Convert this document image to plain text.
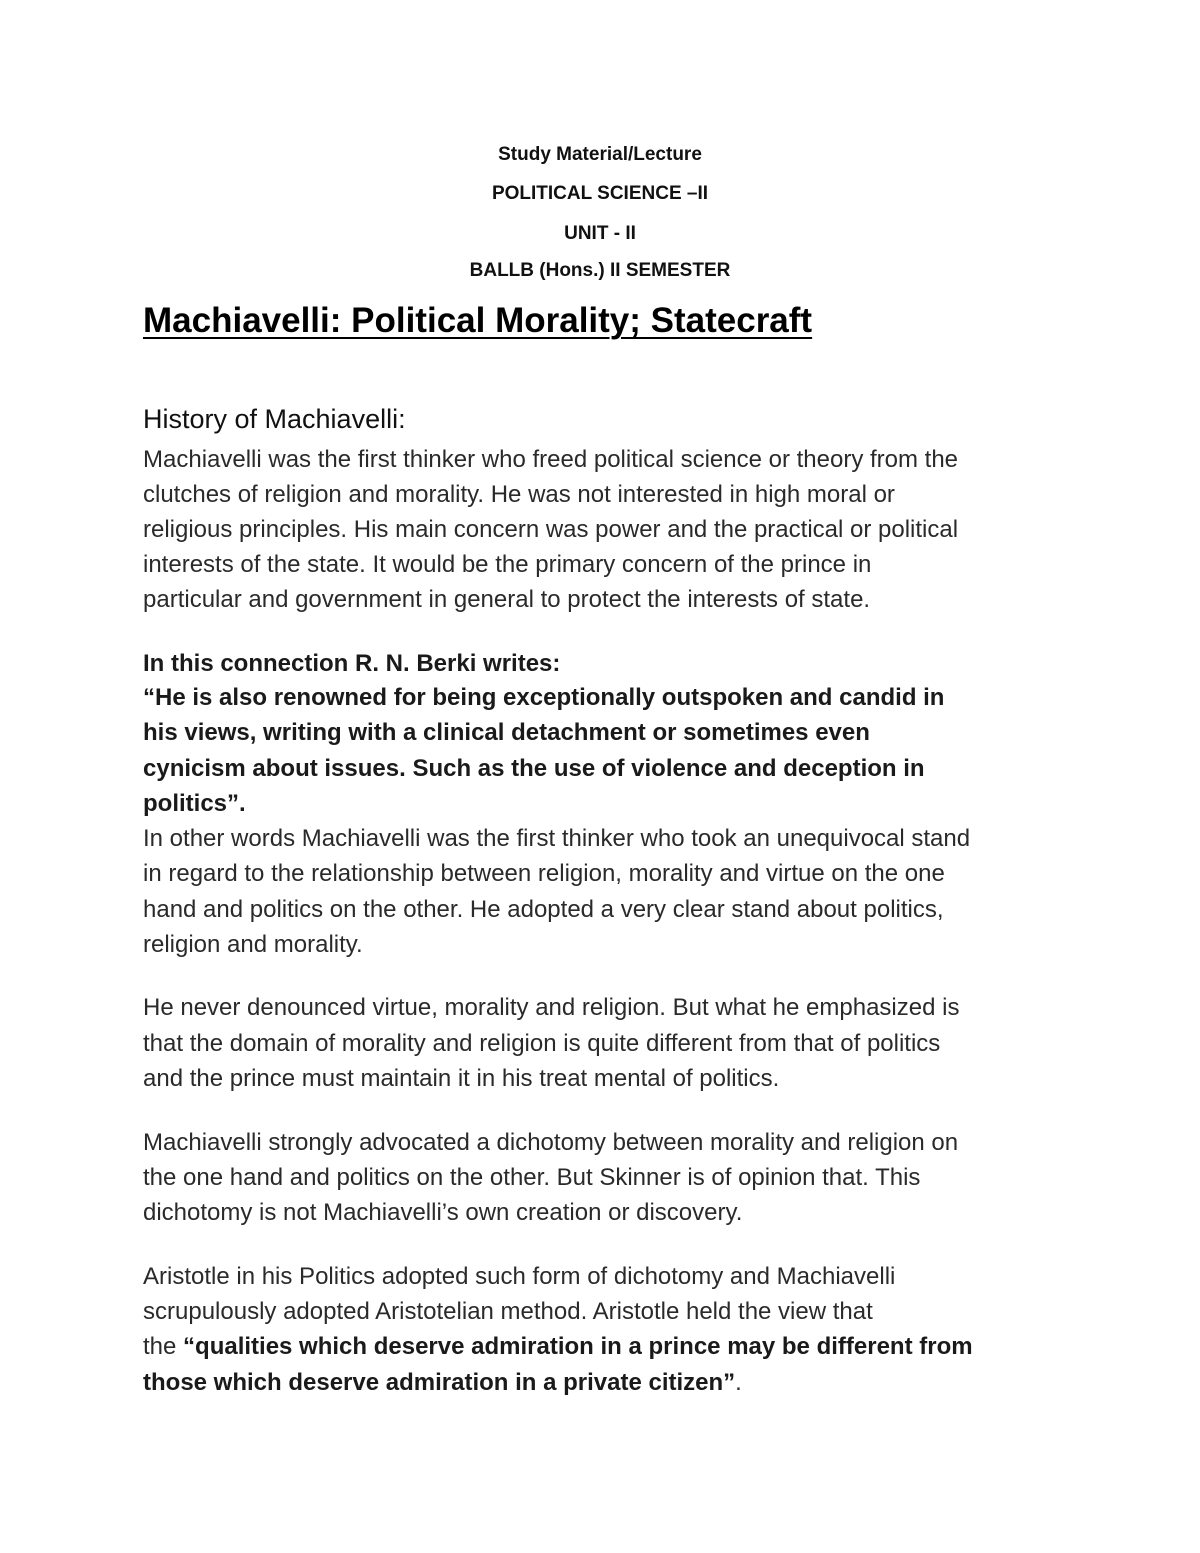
Study Material/Lecture
POLITICAL SCIENCE –II
UNIT - II
BALLB (Hons.) II SEMESTER
Machiavelli: Political Morality; Statecraft
History of Machiavelli:
Machiavelli was the first thinker who freed political science or theory from the
clutches of religion and morality. He was not interested in high moral or
religious principles. His main concern was power and the practical or political
interests of the state. It would be the primary concern of the prince in
particular and government in general to protect the interests of state.
In this connection R. N. Berki writes:
“He is also renowned for being exceptionally outspoken and candid in
his views, writing with a clinical detachment or sometimes even
cynicism about issues. Such as the use of violence and deception in
politics”.
In other words Machiavelli was the first thinker who took an unequivocal stand
in regard to the relationship between religion, morality and virtue on the one
hand and politics on the other. He adopted a very clear stand about politics,
religion and morality.
He never denounced virtue, morality and religion. But what he emphasized is
that the domain of morality and religion is quite different from that of politics
and the prince must maintain it in his treat mental of politics.
Machiavelli strongly advocated a dichotomy between morality and religion on
the one hand and politics on the other. But Skinner is of opinion that. This
dichotomy is not Machiavelli’s own creation or discovery.
Aristotle in his Politics adopted such form of dichotomy and Machiavelli
scrupulously adopted Aristotelian method. Aristotle held the view that
the “qualities which deserve admiration in a prince may be different from
those which deserve admiration in a private citizen”.
